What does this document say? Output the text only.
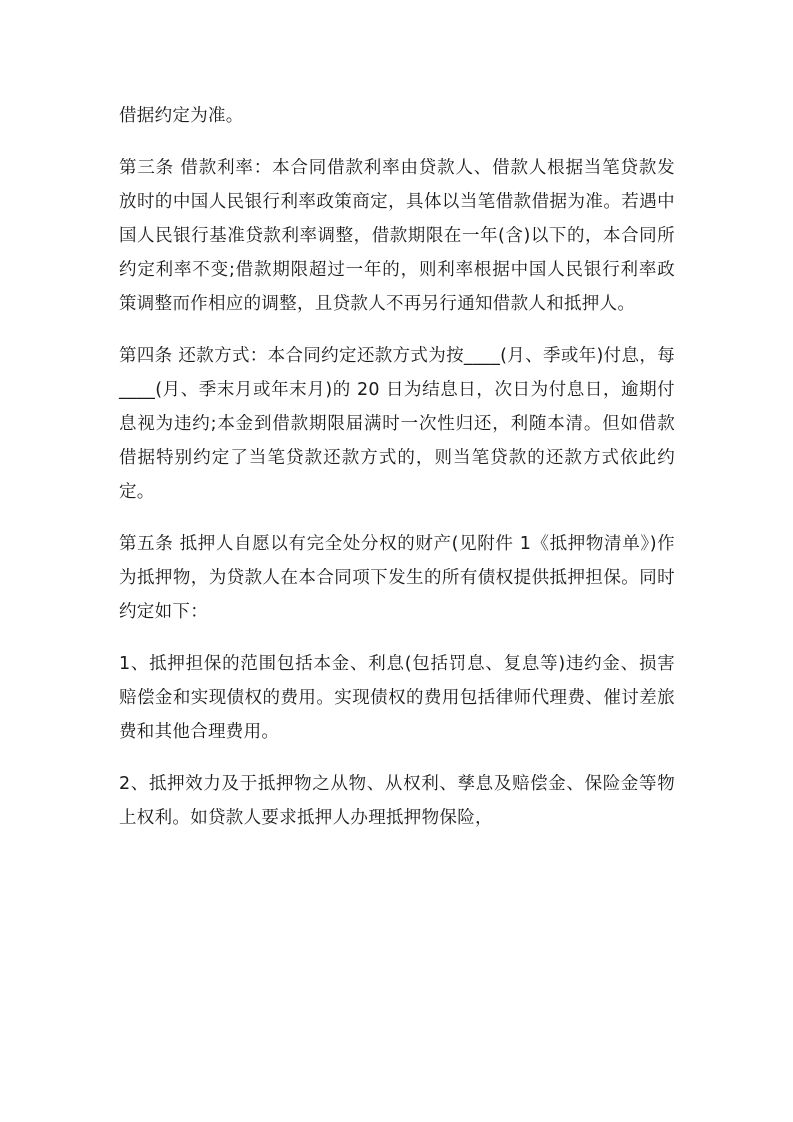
借据约定为准。

第三条 借款利率：本合同借款利率由贷款人、借款人根据当笔贷款发放时的中国人民银行利率政策商定，具体以当笔借款借据为准。若遇中国人民银行基准贷款利率调整，借款期限在一年(含)以下的，本合同所约定利率不变;借款期限超过一年的，则利率根据中国人民银行利率政策调整而作相应的调整，且贷款人不再另行通知借款人和抵押人。

第四条 还款方式：本合同约定还款方式为按____(月、季或年)付息，每____(月、季末月或年末月)的 20 日为结息日，次日为付息日，逾期付息视为违约;本金到借款期限届满时一次性归还，利随本清。但如借款借据特别约定了当笔贷款还款方式的，则当笔贷款的还款方式依此约定。

第五条 抵押人自愿以有完全处分权的财产(见附件 1《抵押物清单》)作为抵押物，为贷款人在本合同项下发生的所有债权提供抵押担保。同时约定如下：

1、抵押担保的范围包括本金、利息(包括罚息、复息等)违约金、损害赔偿金和实现债权的费用。实现债权的费用包括律师代理费、催讨差旅费和其他合理费用。

2、抵押效力及于抵押物之从物、从权利、孳息及赔偿金、保险金等物上权利。如贷款人要求抵押人办理抵押物保险，
